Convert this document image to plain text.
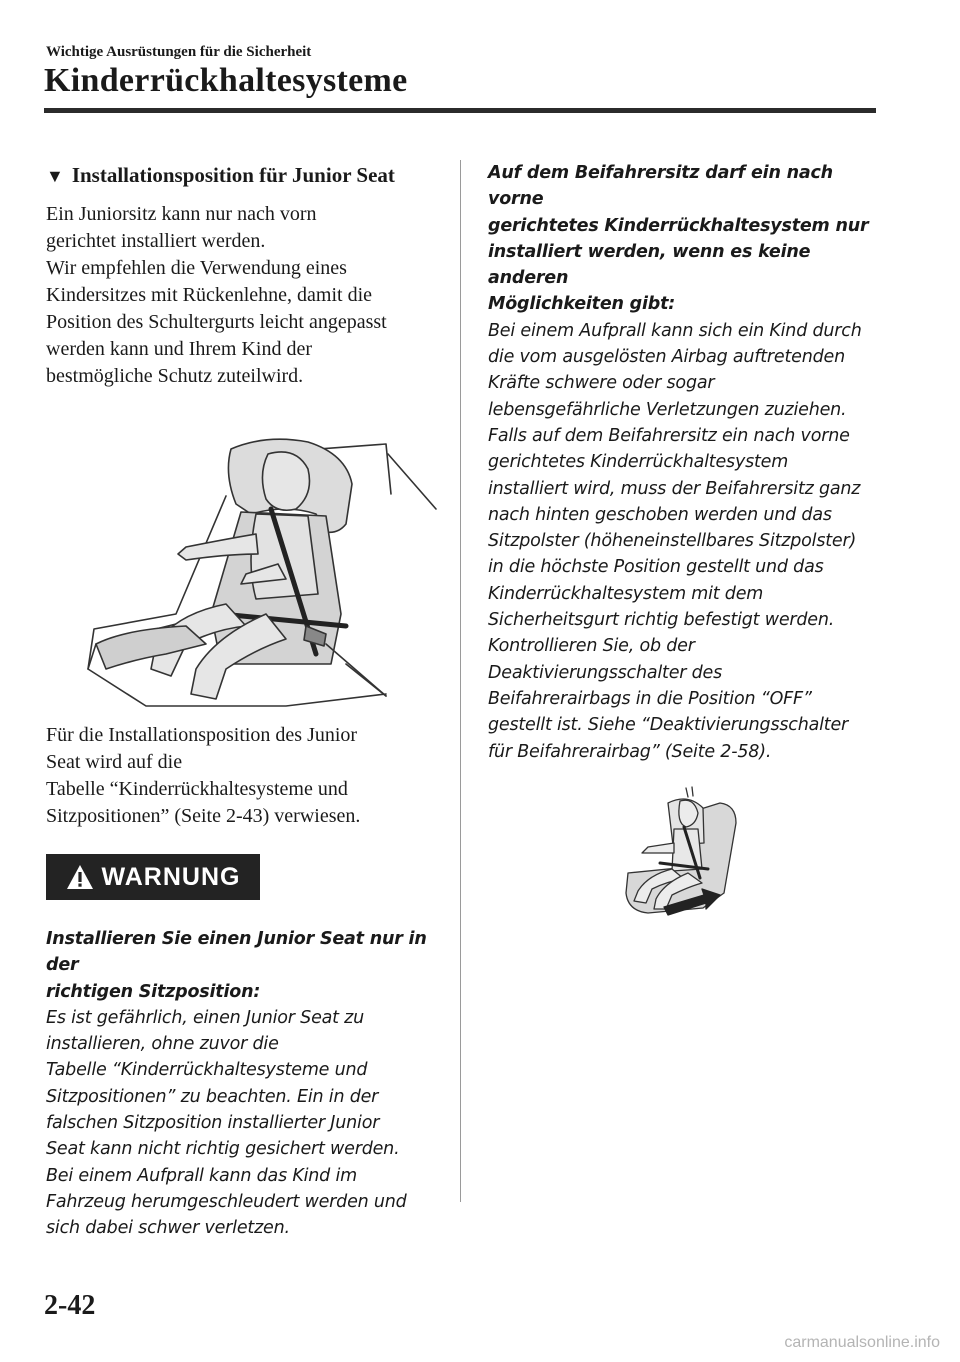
Wichtige Ausrüstungen für die Sicherheit
Kinderrückhaltesysteme
▼ Installationsposition für Junior Seat

Ein Juniorsitz kann nur nach vorn

gerichtet installiert werden.

Wir empfehlen die Verwendung eines

Kindersitzes mit Rückenlehne, damit die

Position des Schultergurts leicht angepasst

werden kann und Ihrem Kind der

bestmögliche Schutz zuteilwird.

Für die Installationsposition des Junior

Seat wird auf die

Tabelle “Kinderrückhaltesysteme und

Sitzpositionen” (Seite 2-43) verwiesen.

WARNUNG

Installieren Sie einen Junior Seat nur in der

richtigen Sitzposition:

Es ist gefährlich, einen Junior Seat zu

installieren, ohne zuvor die

Tabelle “Kinderrückhaltesysteme und

Sitzpositionen” zu beachten. Ein in der

falschen Sitzposition installierter Junior

Seat kann nicht richtig gesichert werden.

Bei einem Aufprall kann das Kind im

Fahrzeug herumgeschleudert werden und

sich dabei schwer verletzen.

Auf dem Beifahrersitz darf ein nach vorne

gerichtetes Kinderrückhaltesystem nur

installiert werden, wenn es keine anderen

Möglichkeiten gibt:

Bei einem Aufprall kann sich ein Kind durch

die vom ausgelösten Airbag auftretenden

Kräfte schwere oder sogar

lebensgefährliche Verletzungen zuziehen.

Falls auf dem Beifahrersitz ein nach vorne

gerichtetes Kinderrückhaltesystem

installiert wird, muss der Beifahrersitz ganz

nach hinten geschoben werden und das

Sitzpolster (höheneinstellbares Sitzpolster)

in die höchste Position gestellt und das

Kinderrückhaltesystem mit dem

Sicherheitsgurt richtig befestigt werden.

Kontrollieren Sie, ob der

Deaktivierungsschalter des

Beifahrerairbags in die Position “OFF”

gestellt ist. Siehe “Deaktivierungsschalter

für Beifahrerairbag” (Seite 2-58).

2-42
carmanualsonline.info
